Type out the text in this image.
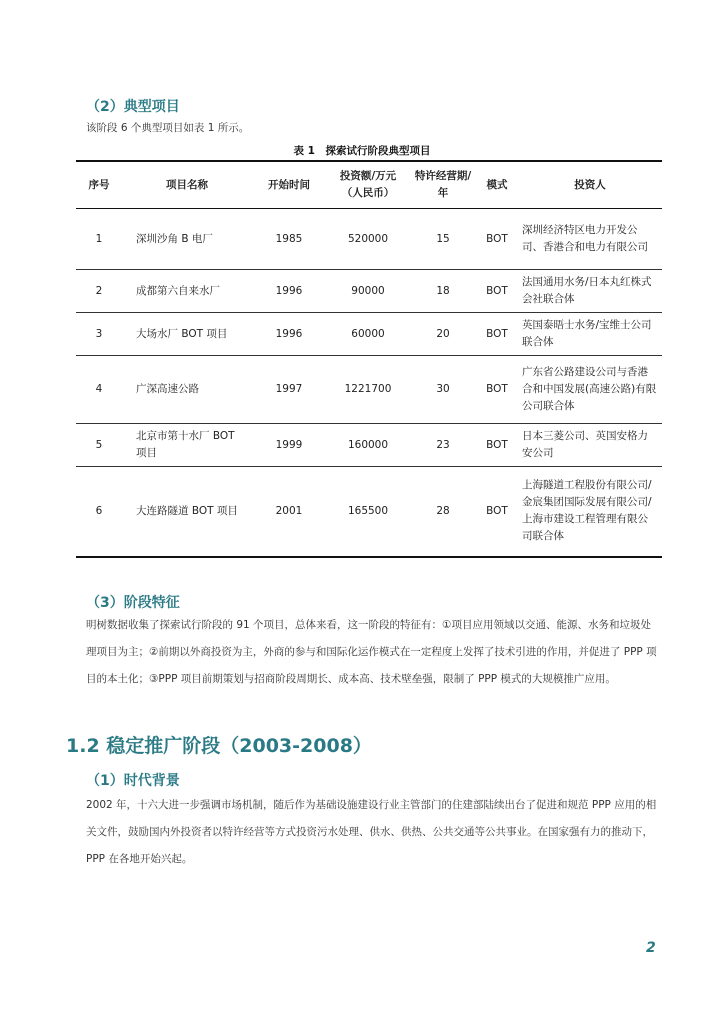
（2）典型项目
该阶段 6 个典型项目如表 1 所示。
表 1　探索试行阶段典型项目
序号	项目名称	开始时间	投资额/万元（人民币）	特许经营期/年	模式	投资人
1	深圳沙角 B 电厂	1985	520000	15	BOT	深圳经济特区电力开发公司、香港合和电力有限公司
2	成都第六自来水厂	1996	90000	18	BOT	法国通用水务/日本丸红株式会社联合体
3	大场水厂 BOT 项目	1996	60000	20	BOT	英国泰晤士水务/宝维士公司联合体
4	广深高速公路	1997	1221700	30	BOT	广东省公路建设公司与香港合和中国发展(高速公路)有限公司联合体
5	北京市第十水厂 BOT 项目	1999	160000	23	BOT	日本三菱公司、英国安格力安公司
6	大连路隧道 BOT 项目	2001	165500	28	BOT	上海隧道工程股份有限公司/金宸集团国际发展有限公司/上海市建设工程管理有限公司联合体
（3）阶段特征
明树数据收集了探索试行阶段的 91 个项目，总体来看，这一阶段的特征有：①项目应用领域以交通、能源、水务和垃圾处理项目为主；②前期以外商投资为主，外商的参与和国际化运作模式在一定程度上发挥了技术引进的作用，并促进了 PPP 项目的本土化；③PPP 项目前期策划与招商阶段周期长、成本高、技术壁垒强，限制了 PPP 模式的大规模推广应用。
1.2 稳定推广阶段（2003-2008）
（1）时代背景
2002 年，十六大进一步强调市场机制，随后作为基础设施建设行业主管部门的住建部陆续出台了促进和规范 PPP 应用的相关文件，鼓励国内外投资者以特许经营等方式投资污水处理、供水、供热、公共交通等公共事业。在国家强有力的推动下，PPP 在各地开始兴起。
2
